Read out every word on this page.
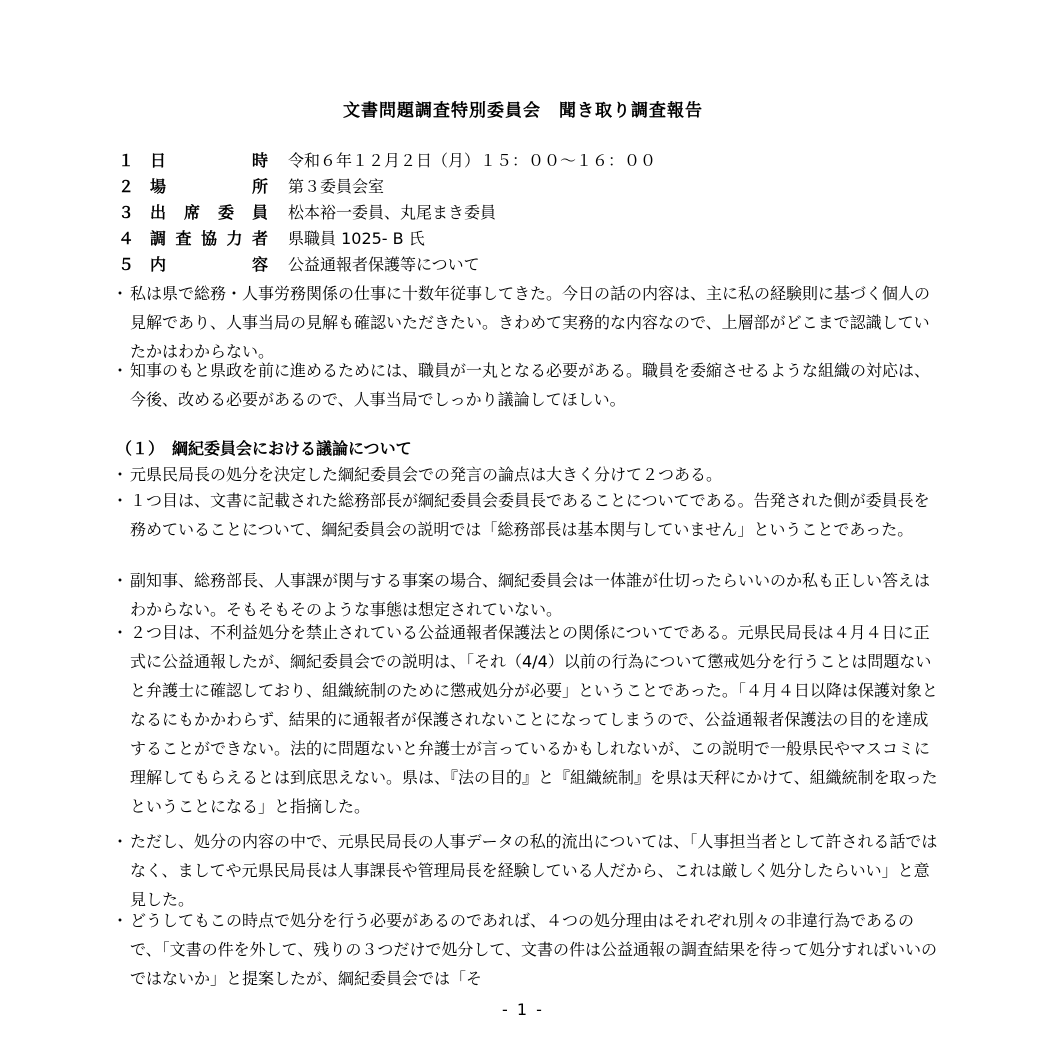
文書問題調査特別委員会　聞き取り調査報告
１ 日	時 令和６年１２月２日（月）１５：００～１６：００
２ 場	所 第３委員会室
３ 出 席 委 員 松本裕一委員、丸尾まき委員
４ 調 査 協 力 者 県職員 1025- B 氏
５ 内	容 公益通報者保護等について
・ 私は県で総務・人事労務関係の仕事に十数年従事してきた。今日の話の内容は、主に私の経験則に基づく個人の見解であり、人事当局の見解も確認いただきたい。きわめて実務的な内容なので、上層部がどこまで認識していたかはわからない。
・ 知事のもと県政を前に進めるためには、職員が一丸となる必要がある。職員を委縮させるような組織の対応は、今後、改める必要があるので、人事当局でしっかり議論してほしい。
（１）　綱紀委員会における議論について
・ 元県民局長の処分を決定した綱紀委員会での発言の論点は大きく分けて２つある。
・ １つ目は、文書に記載された総務部長が綱紀委員会委員長であることについてである。告発された側が委員長を務めていることについて、綱紀委員会の説明では「総務部長は基本関与していません」ということであった。
・ 副知事、総務部長、人事課が関与する事案の場合、綱紀委員会は一体誰が仕切ったらいいのか私も正しい答えはわからない。そもそもそのような事態は想定されていない。
・ ２つ目は、不利益処分を禁止されている公益通報者保護法との関係についてである。元県民局長は４月４日に正式に公益通報したが、綱紀委員会での説明は、「それ（4/4）以前の行為について懲戒処分を行うことは問題ないと弁護士に確認しており、組織統制のために懲戒処分が必要」ということであった。「４月４日以降は保護対象となるにもかかわらず、結果的に通報者が保護されないことになってしまうので、公益通報者保護法の目的を達成することができない。法的に問題ないと弁護士が言っているかもしれないが、この説明で一般県民やマスコミに理解してもらえるとは到底思えない。県は、『法の目的』と『組織統制』を県は天秤にかけて、組織統制を取ったということになる」と指摘した。
・ ただし、処分の内容の中で、元県民局長の人事データの私的流出については、「人事担当者として許される話ではなく、ましてや元県民局長は人事課長や管理局長を経験している人だから、これは厳しく処分したらいい」と意見した。
・ どうしてもこの時点で処分を行う必要があるのであれば、４つの処分理由はそれぞれ別々の非違行為であるので、「文書の件を外して、残りの３つだけで処分して、文書の件は公益通報の調査結果を待って処分すればいいのではないか」と提案したが、綱紀委員会では「そ
- 1 -
